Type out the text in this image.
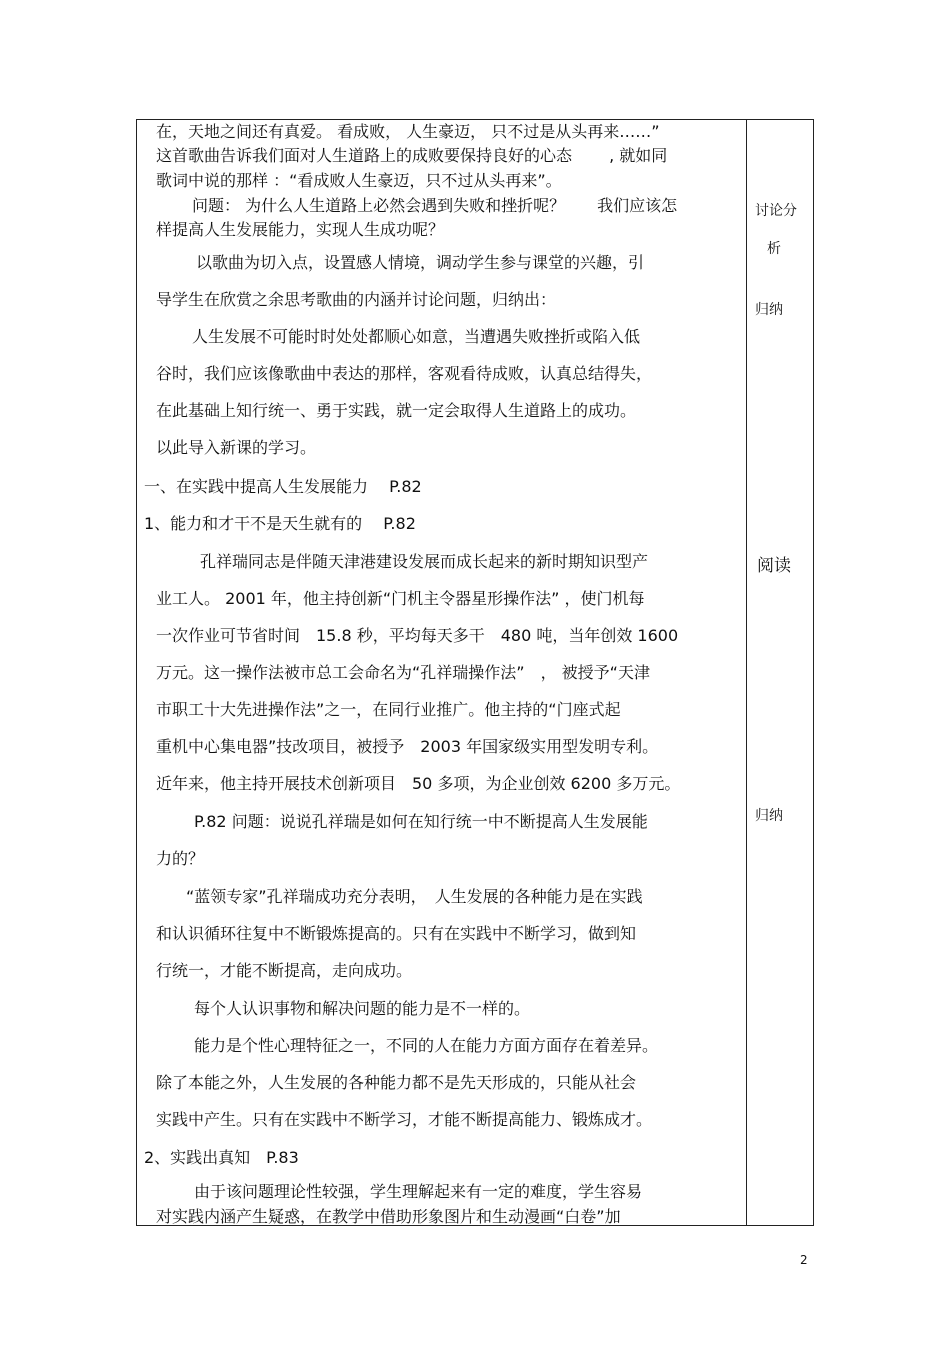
在，天地之间还有真爱。 看成败， 人生豪迈， 只不过是从头再来……”
这首歌曲告诉我们面对人生道路上的成败要保持良好的心态　　 , 就如同
歌词中说的那样 ：“看成败人生豪迈，只不过从头再来”。
问题： 为什么人生道路上必然会遇到失败和挫折呢？　　我们应该怎
样提高人生发展能力，实现人生成功呢？
以歌曲为切入点，设置感人情境，调动学生参与课堂的兴趣，引
导学生在欣赏之余思考歌曲的内涵并讨论问题，归纳出：
人生发展不可能时时处处都顺心如意，当遭遇失败挫折或陷入低
谷时，我们应该像歌曲中表达的那样，客观看待成败，认真总结得失，
在此基础上知行统一、勇于实践，就一定会取得人生道路上的成功。
以此导入新课的学习。
一、在实践中提高人生发展能力　 P.82
1、能力和才干不是天生就有的　 P.82
孔祥瑞同志是伴随天津港建设发展而成长起来的新时期知识型产
业工人。 2001 年，他主持创新“门机主令器星形操作法” ，使门机每
一次作业可节省时间　15.8 秒，平均每天多干　480 吨，当年创效 1600
万元。这一操作法被市总工会命名为“孔祥瑞操作法”　， 被授予“天津
市职工十大先进操作法”之一，在同行业推广。他主持的“门座式起
重机中心集电器”技改项目，被授予　2003 年国家级实用型发明专利。
近年来，他主持开展技术创新项目　50 多项，为企业创效 6200 多万元。
P.82 问题：说说孔祥瑞是如何在知行统一中不断提高人生发展能
力的？
“蓝领专家”孔祥瑞成功充分表明，　人生发展的各种能力是在实践
和认识循环往复中不断锻炼提高的。只有在实践中不断学习，做到知
行统一，才能不断提高，走向成功。
每个人认识事物和解决问题的能力是不一样的。
能力是个性心理特征之一，不同的人在能力方面方面存在着差异。
除了本能之外，人生发展的各种能力都不是先天形成的，只能从社会
实践中产生。只有在实践中不断学习，才能不断提高能力、锻炼成才。
2、实践出真知　P.83
由于该问题理论性较强，学生理解起来有一定的难度，学生容易
对实践内涵产生疑惑，在教学中借助形象图片和生动漫画“白卷”加
讨论分
析
归纳
阅读
归纳
2
